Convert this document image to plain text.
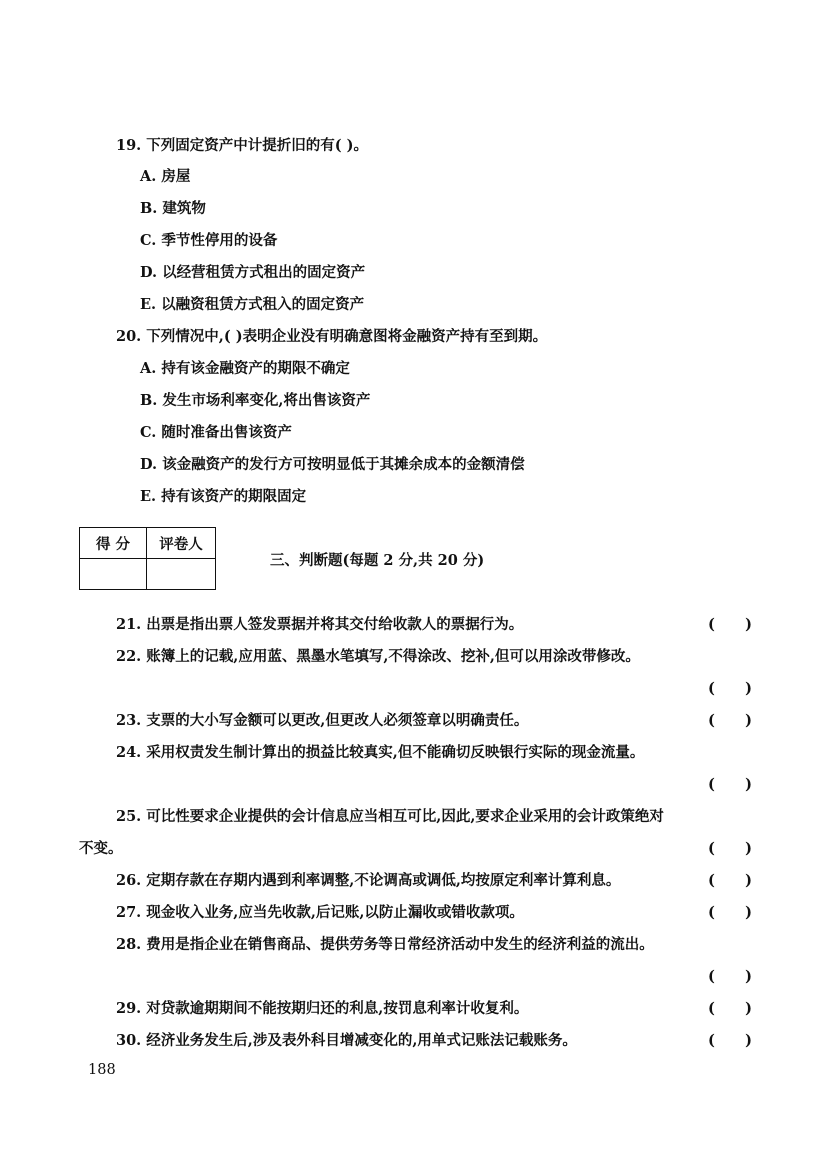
19. 下列固定资产中计提折旧的有( )。
A. 房屋
B. 建筑物
C. 季节性停用的设备
D. 以经营租赁方式租出的固定资产
E. 以融资租赁方式租入的固定资产
20. 下列情况中,( )表明企业没有明确意图将金融资产持有至到期。
A. 持有该金融资产的期限不确定
B. 发生市场利率变化,将出售该资产
C. 随时准备出售该资产
D. 该金融资产的发行方可按明显低于其摊余成本的金额清偿
E. 持有该资产的期限固定
得 分	评卷人

三、判断题(每题 2 分,共 20 分)
21. 出票是指出票人签发票据并将其交付给收款人的票据行为。	(      )
22. 账簿上的记载,应用蓝、黑墨水笔填写,不得涂改、挖补,但可以用涂改带修改。
(      )
23. 支票的大小写金额可以更改,但更改人必须签章以明确责任。	(      )
24. 采用权责发生制计算出的损益比较真实,但不能确切反映银行实际的现金流量。
(      )
25. 可比性要求企业提供的会计信息应当相互可比,因此,要求企业采用的会计政策绝对
不变。	(      )
26. 定期存款在存期内遇到利率调整,不论调高或调低,均按原定利率计算利息。	(      )
27. 现金收入业务,应当先收款,后记账,以防止漏收或错收款项。	(      )
28. 费用是指企业在销售商品、提供劳务等日常经济活动中发生的经济利益的流出。
(      )
29. 对贷款逾期期间不能按期归还的利息,按罚息利率计收复利。	(      )
30. 经济业务发生后,涉及表外科目增减变化的,用单式记账法记载账务。	(      )
188
